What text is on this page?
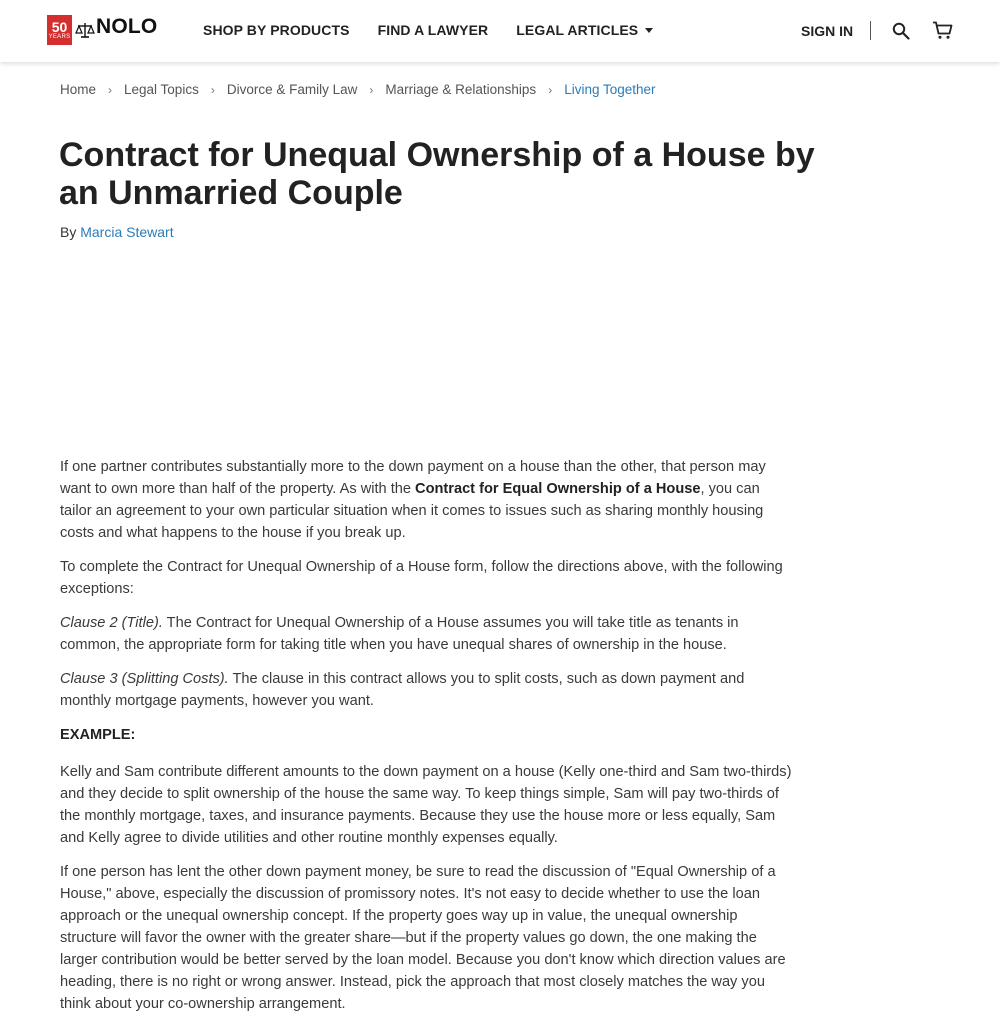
50
YEARS NOLO	SHOP BY PRODUCTS FIND A LAWYER LEGAL ARTICLES	SIGN IN
Home › Legal Topics › Divorce & Family Law › Marriage & Relationships › Living Together
Contract for Unequal Ownership of a House by an Unmarried Couple
By Marcia Stewart

If one partner contributes substantially more to the down payment on a house than the other, that person may want to own more than half of the property. As with the Contract for Equal Ownership of a House, you can tailor an agreement to your own particular situation when it comes to issues such as sharing monthly housing costs and what happens to the house if you break up.

To complete the Contract for Unequal Ownership of a House form, follow the directions above, with the following exceptions:

Clause 2 (Title). The Contract for Unequal Ownership of a House assumes you will take title as tenants in common, the appropriate form for taking title when you have unequal shares of ownership in the house.

Clause 3 (Splitting Costs). The clause in this contract allows you to split costs, such as down payment and monthly mortgage payments, however you want.

EXAMPLE:

Kelly and Sam contribute different amounts to the down payment on a house (Kelly one-third and Sam two-thirds) and they decide to split ownership of the house the same way. To keep things simple, Sam will pay two-thirds of the monthly mortgage, taxes, and insurance payments. Because they use the house more or less equally, Sam and Kelly agree to divide utilities and other routine monthly expenses equally.

If one person has lent the other down payment money, be sure to read the discussion of "Equal Ownership of a House," above, especially the discussion of promissory notes. It's not easy to decide whether to use the loan approach or the unequal ownership concept. If the property goes way up in value, the unequal ownership structure will favor the owner with the greater share—but if the property values go down, the one making the larger contribution would be better served by the loan model. Because you don't know which direction values are heading, there is no right or wrong answer. Instead, pick the approach that most closely matches the way you think about your co-ownership arrangement.
